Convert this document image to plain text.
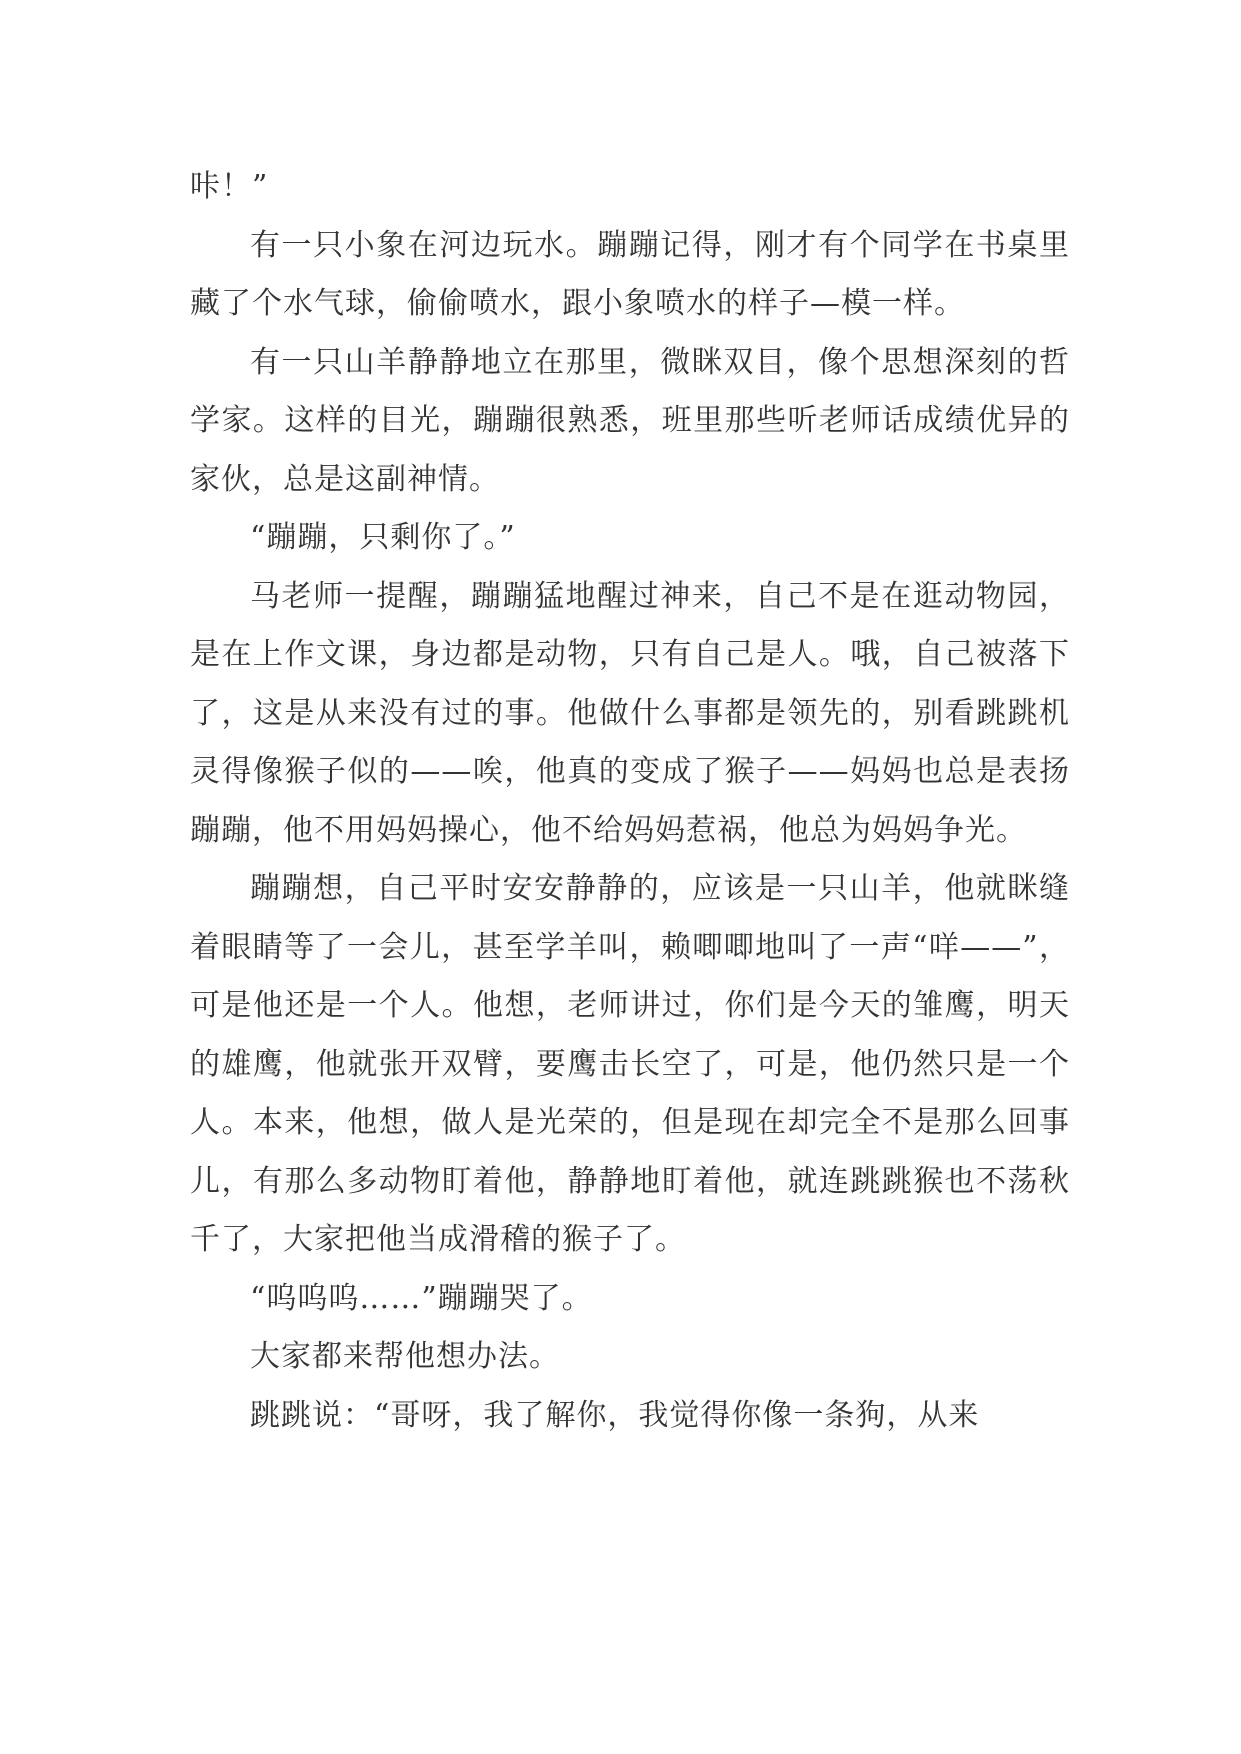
咔！”

有一只小象在河边玩水。蹦蹦记得，刚才有个同学在书桌里藏了个水气球，偷偷喷水，跟小象喷水的样子—模一样。

有一只山羊静静地立在那里，微眯双目，像个思想深刻的哲学家。这样的目光，蹦蹦很熟悉，班里那些听老师话成绩优异的家伙，总是这副神情。

“蹦蹦，只剩你了。”

马老师一提醒，蹦蹦猛地醒过神来，自己不是在逛动物园，是在上作文课，身边都是动物，只有自己是人。哦，自己被落下了，这是从来没有过的事。他做什么事都是领先的，别看跳跳机灵得像猴子似的——唉，他真的变成了猴子——妈妈也总是表扬蹦蹦，他不用妈妈操心，他不给妈妈惹祸，他总为妈妈争光。

蹦蹦想，自己平时安安静静的，应该是一只山羊，他就眯缝着眼睛等了一会儿，甚至学羊叫，赖唧唧地叫了一声“咩——”，可是他还是一个人。他想，老师讲过，你们是今天的雏鹰，明天的雄鹰，他就张开双臂，要鹰击长空了，可是，他仍然只是一个人。本来，他想，做人是光荣的，但是现在却完全不是那么回事儿，有那么多动物盯着他，静静地盯着他，就连跳跳猴也不荡秋千了，大家把他当成滑稽的猴子了。

“呜呜呜……”蹦蹦哭了。

大家都来帮他想办法。

跳跳说：“哥呀，我了解你，我觉得你像一条狗，从来
